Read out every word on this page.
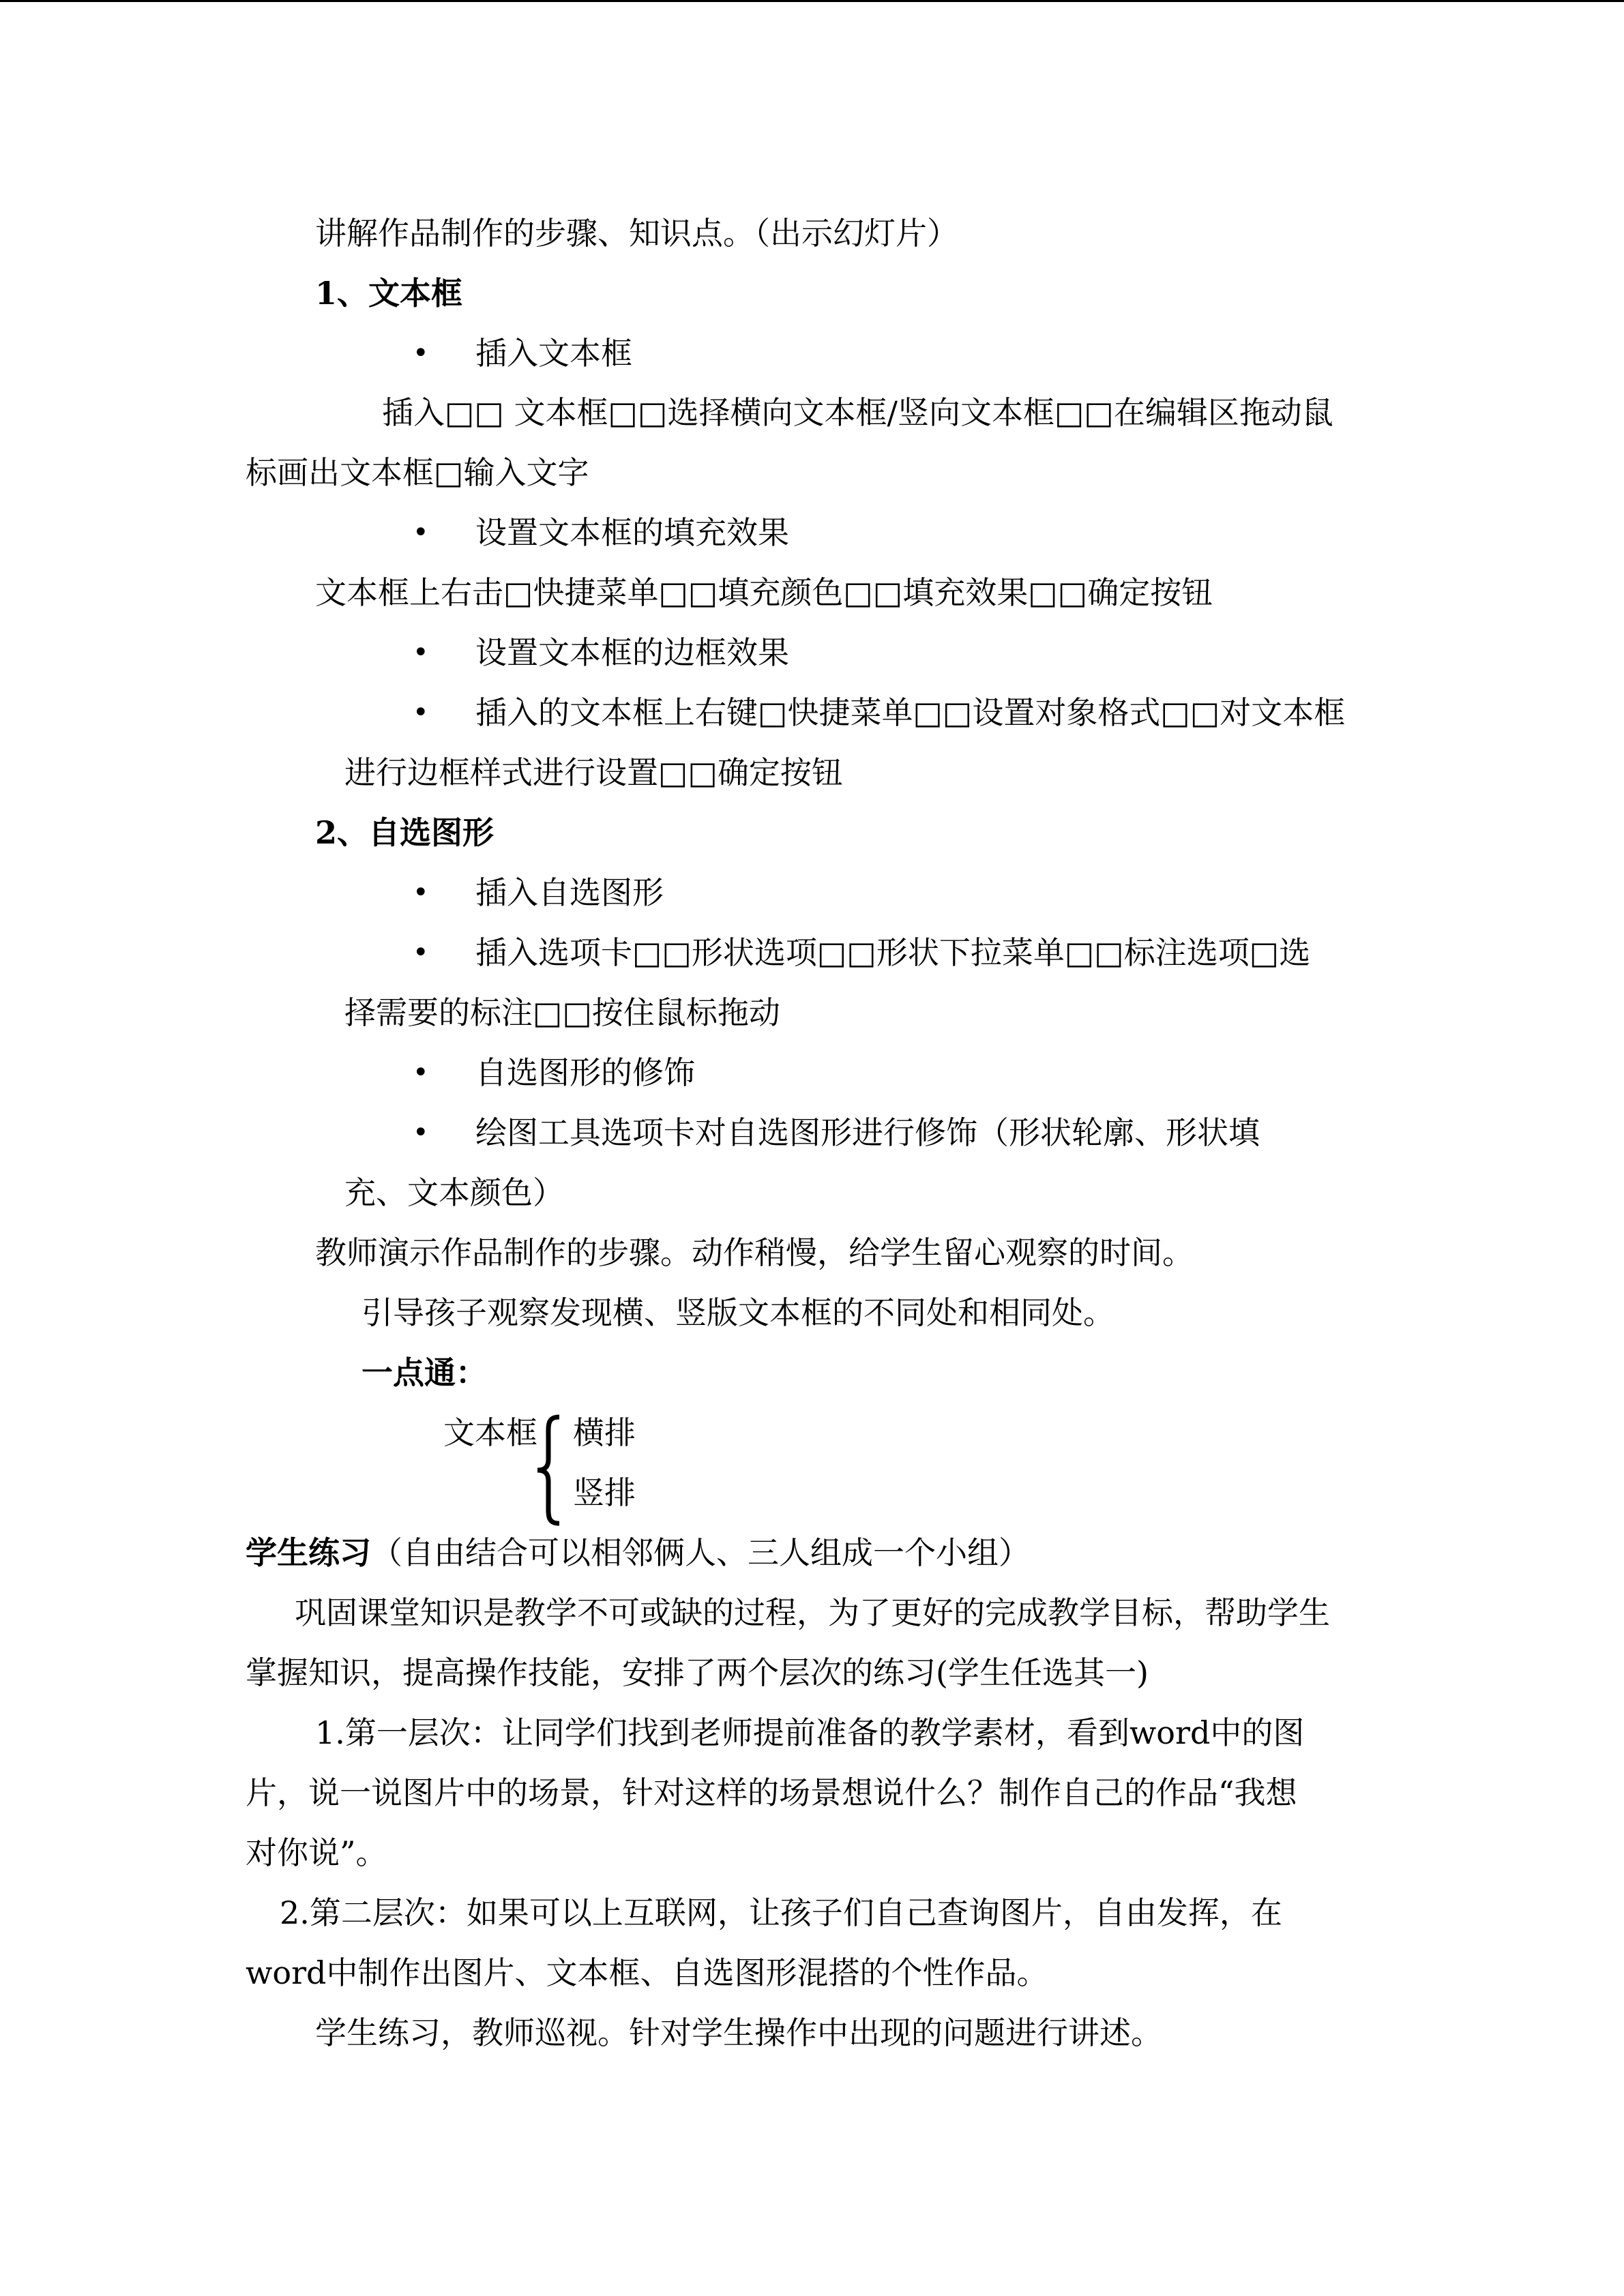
讲解作品制作的步骤、知识点。（出示幻灯片）
1、文本框
• 插入文本框
插入□□ 文本框□□选择横向文本框/竖向文本框□□在编辑区拖动鼠
标画出文本框□输入文字
• 设置文本框的填充效果
文本框上右击□快捷菜单□□填充颜色□□填充效果□□确定按钮
• 设置文本框的边框效果
• 插入的文本框上右键□快捷菜单□□设置对象格式□□对文本框
进行边框样式进行设置□□确定按钮
2、自选图形
• 插入自选图形
• 插入选项卡□□形状选项□□形状下拉菜单□□标注选项□选
择需要的标注□□按住鼠标拖动
• 自选图形的修饰
• 绘图工具选项卡对自选图形进行修饰（形状轮廓、形状填
充、文本颜色）
教师演示作品制作的步骤。动作稍慢，给学生留心观察的时间。
引导孩子观察发现横、竖版文本框的不同处和相同处。
一点通：
文本框 横排
竖排
学生练习（自由结合可以相邻俩人、三人组成一个小组）
巩固课堂知识是教学不可或缺的过程，为了更好的完成教学目标，帮助学生
掌握知识，提高操作技能，安排了两个层次的练习(学生任选其一)
1.第一层次：让同学们找到老师提前准备的教学素材，看到word中的图
片，说一说图片中的场景，针对这样的场景想说什么？制作自己的作品“我想
对你说”。
2.第二层次：如果可以上互联网，让孩子们自己查询图片，自由发挥，在
word中制作出图片、文本框、自选图形混搭的个性作品。
学生练习，教师巡视。针对学生操作中出现的问题进行讲述。
